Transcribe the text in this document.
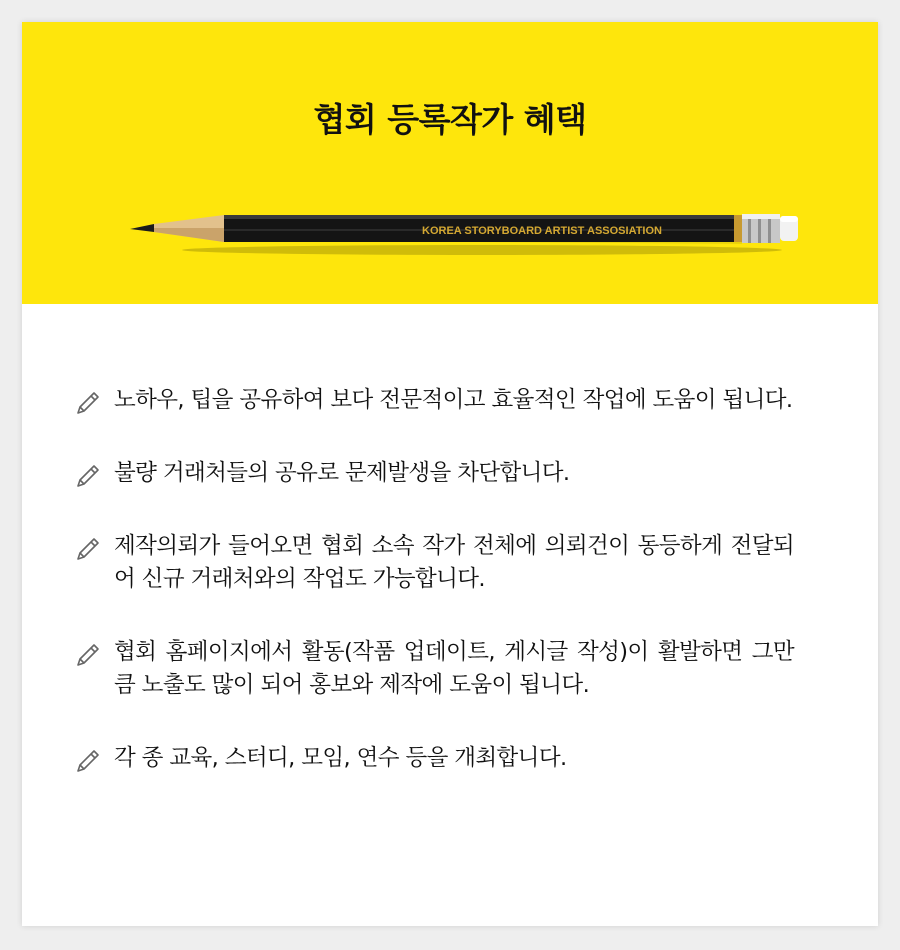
협회 등록작가 혜택
KOREA STORYBOARD ARTIST ASSOSIATION
노하우, 팁을 공유하여 보다 전문적이고 효율적인 작업에 도움이 됩니다.
불량 거래처들의 공유로 문제발생을 차단합니다.
제작의뢰가 들어오면 협회 소속 작가 전체에 의뢰건이 동등하게 전달되어 신규 거래처와의 작업도 가능합니다.
협회 홈페이지에서 활동(작품 업데이트, 게시글 작성)이 활발하면 그만큼 노출도 많이 되어 홍보와 제작에 도움이 됩니다.
각 종 교육, 스터디, 모임, 연수 등을 개최합니다.
